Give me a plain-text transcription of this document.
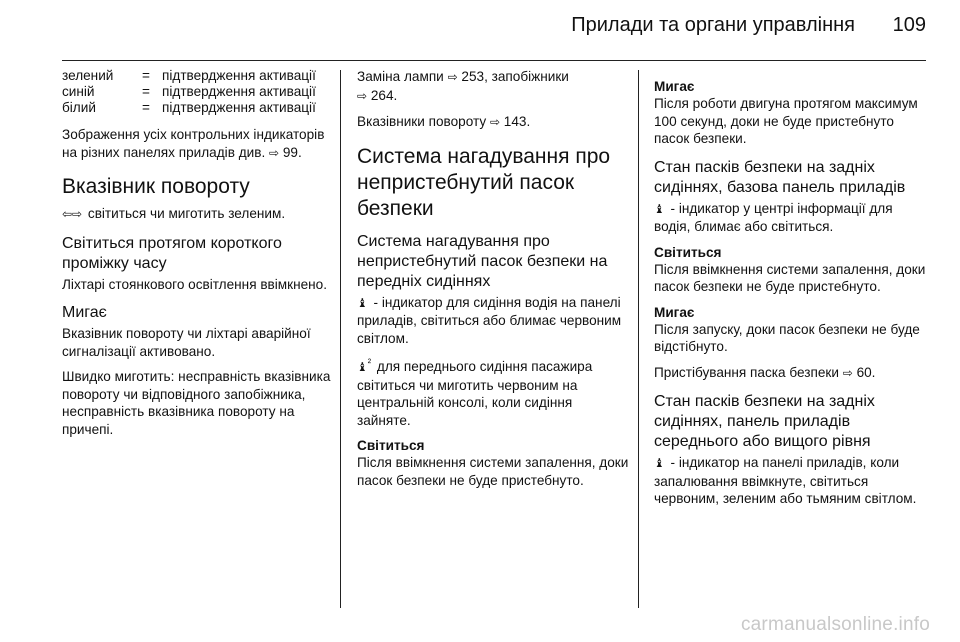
Прилади та органи управління 109
зелений	=	підтвердження активації
синій	=	підтвердження активації
білий	=	підтвердження активації

Зображення усіх контрольних індикаторів на різних панелях приладів див. ⇨ 99.

Вказівник повороту

⇦⇨ світиться чи миготить зеленим.

Світиться протягом короткого проміжку часу

Ліхтарі стоянкового освітлення ввімкнено.

Мигає

Вказівник повороту чи ліхтарі аварійної сигналізації активовано.

Швидко миготить: несправність вказівника повороту чи відповідного запобіжника, несправність вказівника повороту на причепі.

Заміна лампи ⇨ 253, запобіжники
⇨ 264.

Вказівники повороту ⇨ 143.

Система нагадування про непристебнутий пасок безпеки
Система нагадування про непристебнутий пасок безпеки на передніх сидіннях

♝ - індикатор для сидіння водія на панелі приладів, світиться або блимає червоним світлом.

♝$^{^2}$ для переднього сидіння пасажира світиться чи миготить червоним на центральній консолі, коли сидіння зайняте.

Світиться

Після ввімкнення системи запалення, доки пасок безпеки не буде пристебнуто.

Мигає

Після роботи двигуна протягом максимум 100 секунд, доки не буде пристебнуто пасок безпеки.

Стан пасків безпеки на задніх сидіннях, базова панель приладів

♝ - індикатор у центрі інформації для водія, блимає або світиться.

Світиться

Після ввімкнення системи запалення, доки пасок безпеки не буде пристебнуто.

Мигає

Після запуску, доки пасок безпеки не буде відстібнуто.

Пристібування паска безпеки ⇨ 60.

Стан пасків безпеки на задніх сидіннях, панель приладів середнього або вищого рівня

♝ - індикатор на панелі приладів, коли запалювання ввімкнуте, світиться червоним, зеленим або тьмяним світлом.

carmanualsonline.info
